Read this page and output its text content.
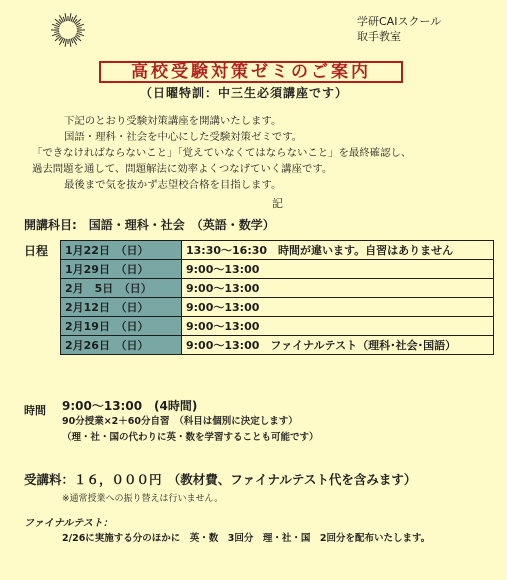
学研CAIスクール
取手教室
高校受験対策ゼミのご案内
（日曜特訓：中三生必須講座です）
下記のとおり受験対策講座を開講いたします。
国語・理科・社会を中心にした受験対策ゼミです。
「できなければならないこと」「覚えていなくてはならないこと」を最終確認し、
過去問題を通して、問題解法に効率よくつなげていく講座です。
最後まで気を抜かず志望校合格を目指します。
記
開講科目:　国語・理科・社会　（英語・数学）
日程 1月22日　（日）	13:30～16:30　時間が違います。自習はありません
1月29日　（日）	9:00～13:00
2月　5日　（日）	9:00～13:00
2月12日　（日）	9:00～13:00
2月19日　（日）	9:00～13:00
2月26日　（日）	9:00～13:00　ファイナルテスト（理科･社会･国語）
時間 9:00～13:00　(4時間)
90分授業×2＋60分自習　（科目は個別に決定します）
（理・社・国の代わりに英・数を学習することも可能です）
受講料：１６，０００円　（教材費、ファイナルテスト代を含みます）
※通常授業への振り替えは行いません。
ファイナルテスト：
2/26に実施する分のほかに　英・数　3回分　理・社・国　2回分を配布いたします。
